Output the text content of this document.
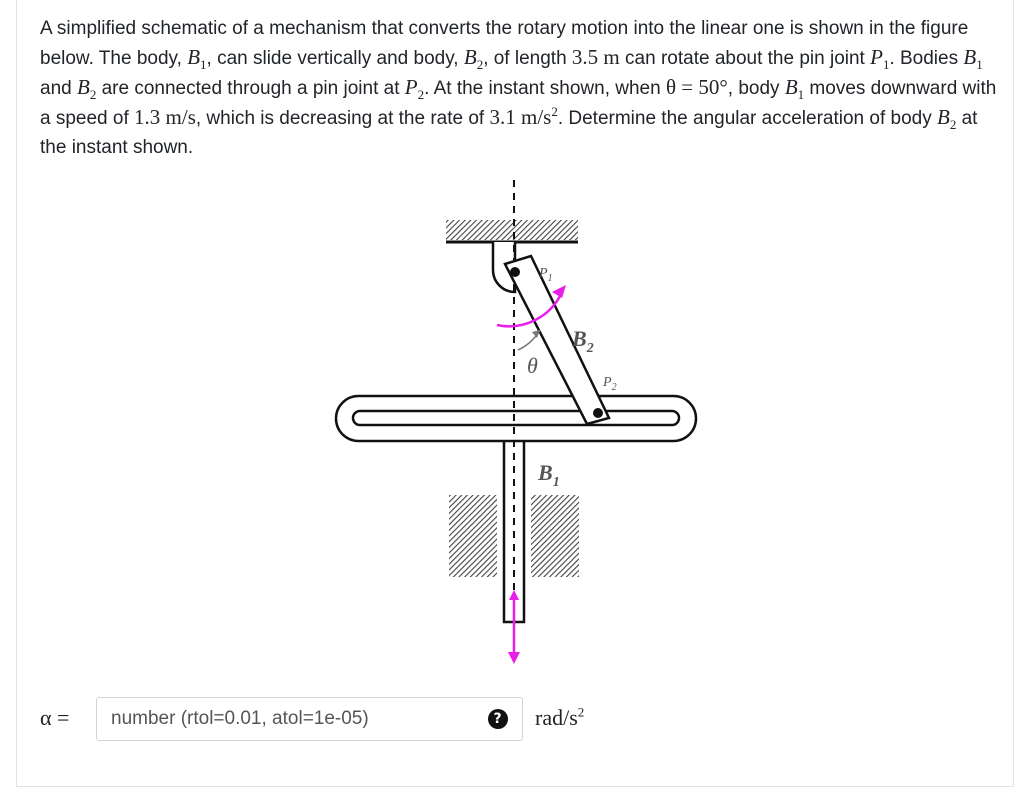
A simplified schematic of a mechanism that converts the rotary motion into the linear one is shown in the figure below. The body, $B_1$, can slide vertically and body, $B_2$, of length 3.5 m can rotate about the pin joint $P_1$. Bodies $B_1$ and $B_2$ are connected through a pin joint at $P_2$. At the instant shown, when θ = 50°, body $B_1$ moves downward with a speed of 1.3 m/s, which is decreasing at the rate of 3.1 $m/s^2$. Determine the angular acceleration of body $B_2$ at the instant shown.
$P_1$
$B_2$
θ
$P_2$
$B_1$
α =
number (rtol=0.01, atol=1e-05)	? rad/$s^2$
